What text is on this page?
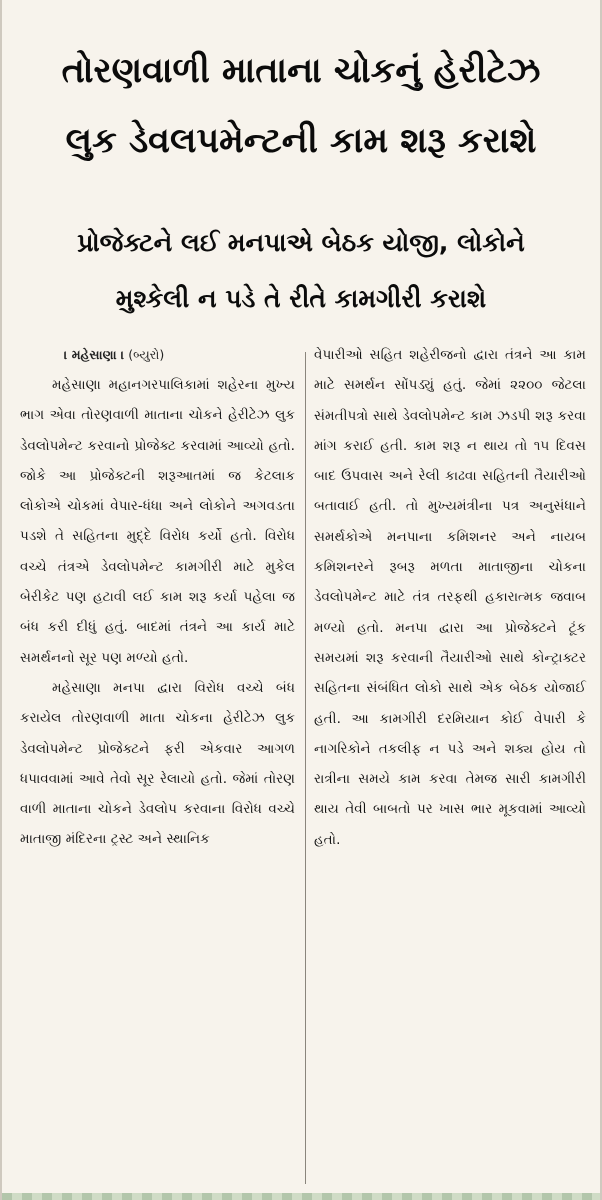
તોરણવાળી માતાના ચોકનું હેરીટેઝ
લુક ડેવલપમેન્ટની કામ શરૂ કરાશે
પ્રોજેક્ટને લઈ મનપાએ બેઠક યોજી, લોકોને
મુશ્કેલી ન પડે તે રીતે કામગીરી કરાશે
। મહેસાણા । (બ્યુરો)

મહેસાણા મહાનગરપાલિકામાં શહેરના મુખ્ય ભાગ એવા તોરણવાળી માતાના ચોકને હેરીટેઝ લુક ડેવલોપમેન્ટ કરવાનો પ્રોજેક્ટ કરવામાં આવ્યો હતો. જોકે આ પ્રોજેક્ટની શરૂઆતમાં જ કેટલાક લોકોએ ચોકમાં વેપાર-ધંધા અને લોકોને અગવડતા પડશે તે સહિતના મુદ્દે વિરોધ કર્યો હતો. વિરોધ વચ્ચે તંત્રએ ડેવલોપમેન્ટ કામગીરી માટે મુકેલ બેરીકેટ પણ હટાવી લઈ કામ શરૂ કર્યા પહેલા જ બંધ કરી દીધું હતું. બાદમાં તંત્રને આ કાર્ય માટે સમર્થનનો સૂર પણ મળ્યો હતો.

મહેસાણા મનપા દ્વારા વિરોધ વચ્ચે બંધ કરાયેલ તોરણવાળી માતા ચોકના હેરીટેઝ લુક ડેવલોપમેન્ટ પ્રોજેક્ટને ફરી એકવાર આગળ ધપાવવામાં આવે તેવો સૂર રેલાયો હતો. જેમાં તોરણ વાળી માતાના ચોકને ડેવલોપ કરવાના વિરોધ વચ્ચે માતાજી મંદિરના ટ્રસ્ટ અને સ્થાનિક

વેપારીઓ સહિત શહેરીજનો દ્વારા તંત્રને આ કામ માટે સમર્થન સોંપડ્યું હતું. જેમાં ૨૨૦૦ જેટલા સંમતીપત્રો સાથે ડેવલોપમેન્ટ કામ ઝડપી શરૂ કરવા માંગ કરાઈ હતી. કામ શરૂ ન થાય તો ૧૫ દિવસ બાદ ઉપવાસ અને રેલી કાઢવા સહિતની તૈયારીઓ બતાવાઈ હતી. તો મુખ્યમંત્રીના પત્ર અનુસંધાને સમર્થકોએ મનપાના કમિશનર અને નાયબ કમિશનરને રૂબરૂ મળતા માતાજીના ચોકના ડેવલોપમેન્ટ માટે તંત્ર તરફથી હકારાત્મક જવાબ મળ્યો હતો. મનપા દ્વારા આ પ્રોજેક્ટને ટૂંક સમયમાં શરૂ કરવાની તૈયારીઓ સાથે કોન્ટ્રાક્ટર સહિતના સંબંધિત લોકો સાથે એક બેઠક યોજાઈ હતી. આ કામગીરી દરમિયાન કોઈ વેપારી કે નાગરિકોને તકલીફ ન પડે અને શક્ય હોય તો રાત્રીના સમયે કામ કરવા તેમજ સારી કામગીરી થાય તેવી બાબતો પર ખાસ ભાર મૂકવામાં આવ્યો હતો.
